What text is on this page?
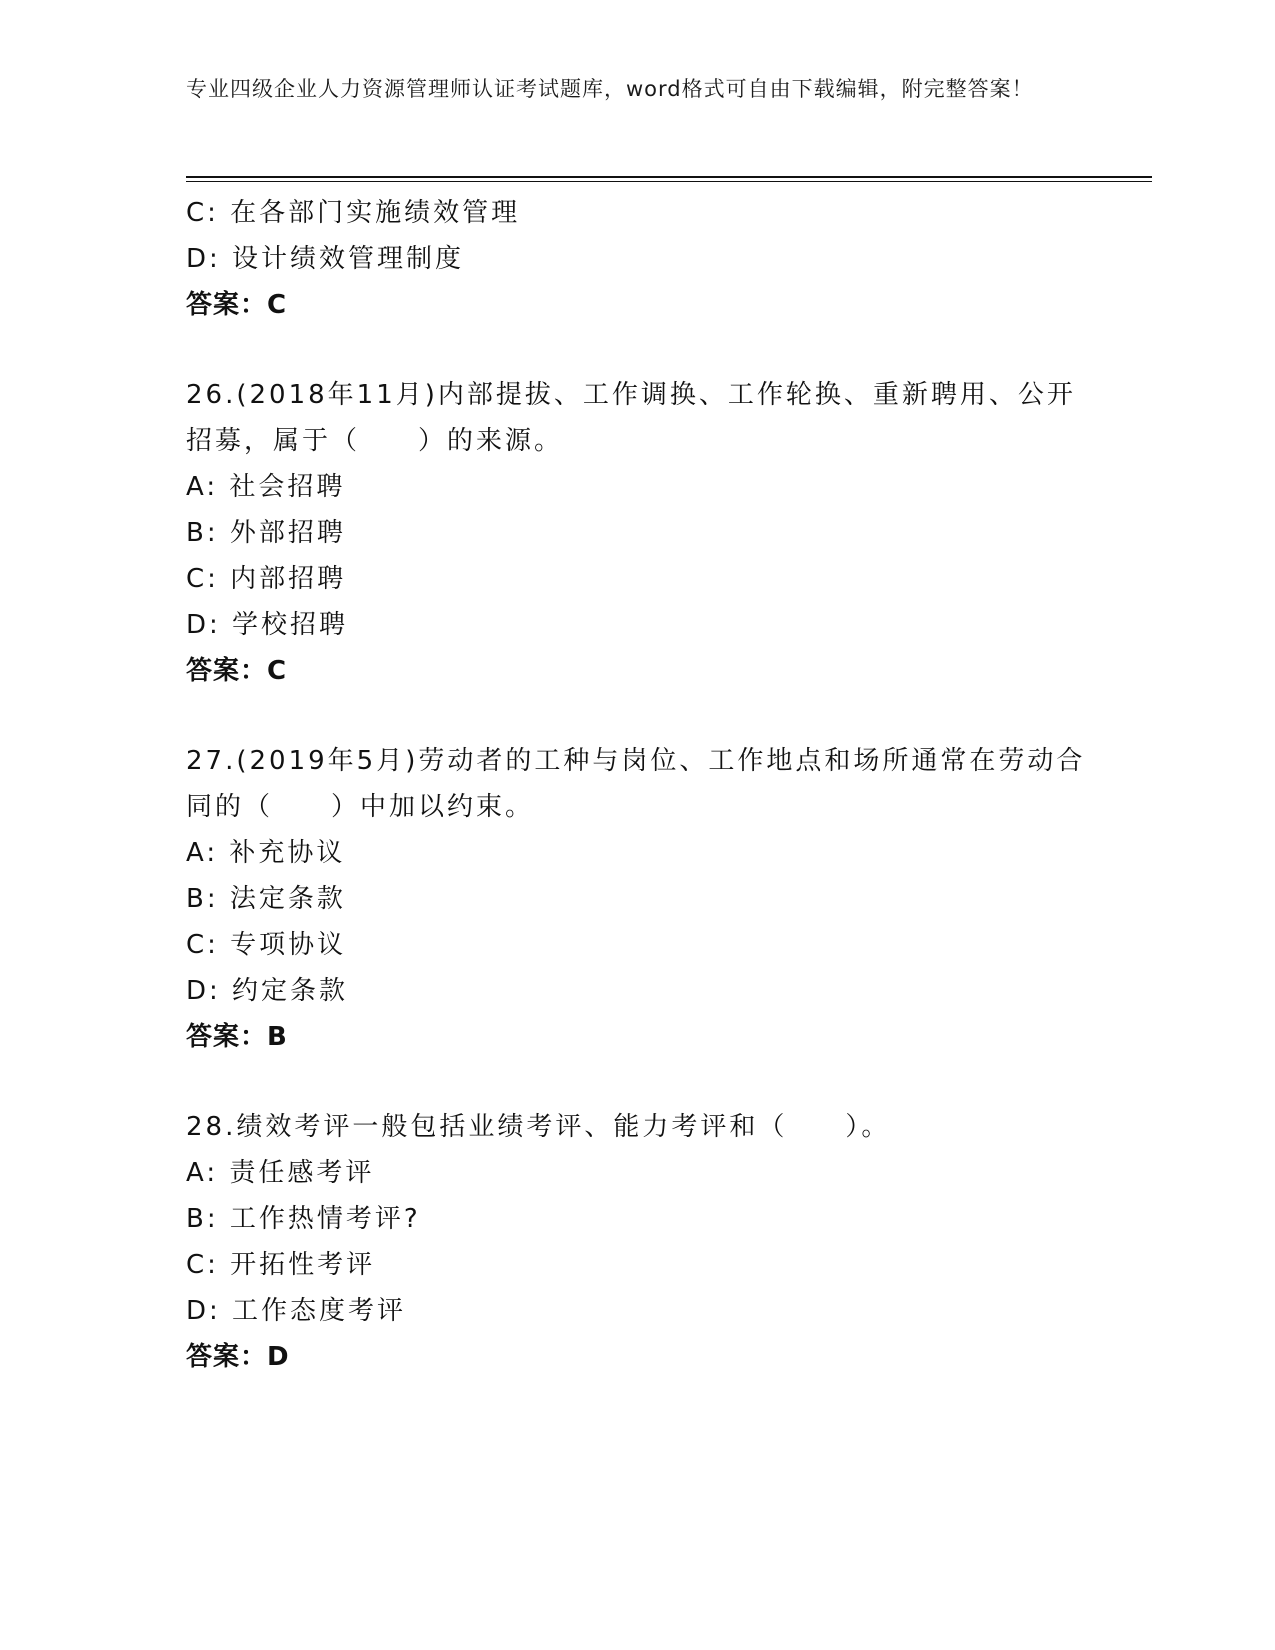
专业四级企业人力资源管理师认证考试题库，word格式可自由下载编辑，附完整答案！
C: 在各部门实施绩效管理
D: 设计绩效管理制度
答案：C
26.(2018年11月)内部提拔、工作调换、工作轮换、重新聘用、公开
招募，属于（　　）的来源。
A: 社会招聘
B: 外部招聘
C: 内部招聘
D: 学校招聘
答案：C
27.(2019年5月)劳动者的工种与岗位、工作地点和场所通常在劳动合
同的（　　）中加以约束。
A: 补充协议
B: 法定条款
C: 专项协议
D: 约定条款
答案：B
28.绩效考评一般包括业绩考评、能力考评和（　　）。
A: 责任感考评
B: 工作热情考评?
C: 开拓性考评
D: 工作态度考评
答案：D
